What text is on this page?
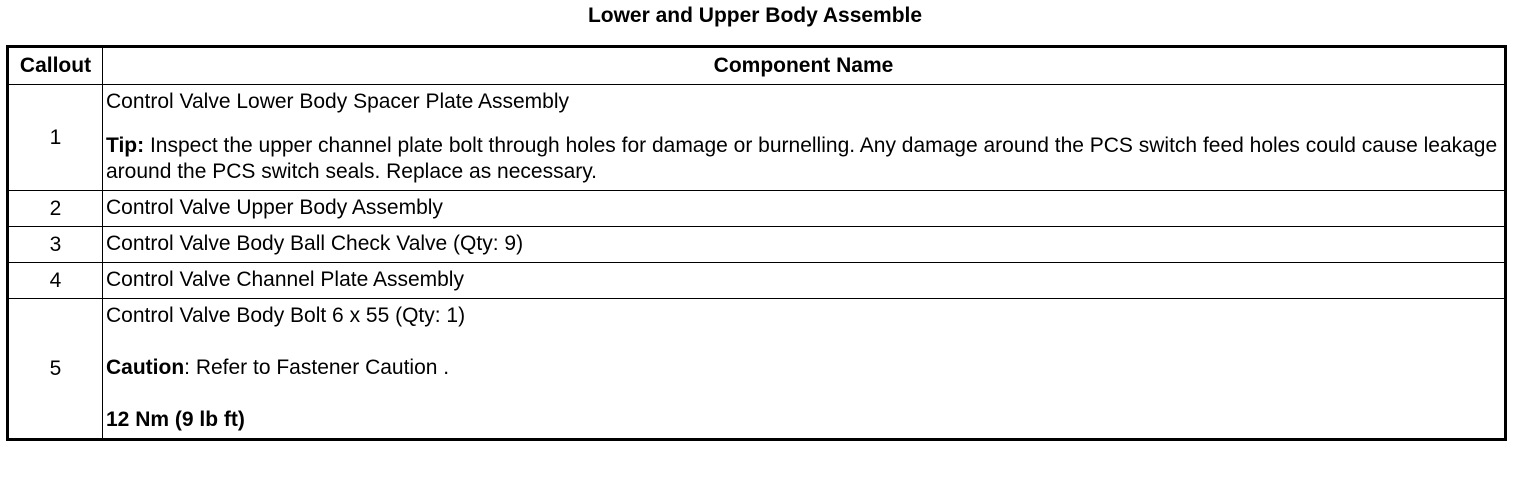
Lower and Upper Body Assemble
Callout	Component Name
1	Control Valve Lower Body Spacer Plate Assembly

Tip: Inspect the upper channel plate bolt through holes for damage or burnelling. Any damage around the PCS switch feed holes could cause leakage around the PCS switch seals. Replace as necessary.

2	Control Valve Upper Body Assembly
3	Control Valve Body Ball Check Valve (Qty: 9)
4	Control Valve Channel Plate Assembly
5	Control Valve Body Bolt 6 x 55 (Qty: 1)

Caution: Refer to Fastener Caution .

12 Nm (9 lb ft)
